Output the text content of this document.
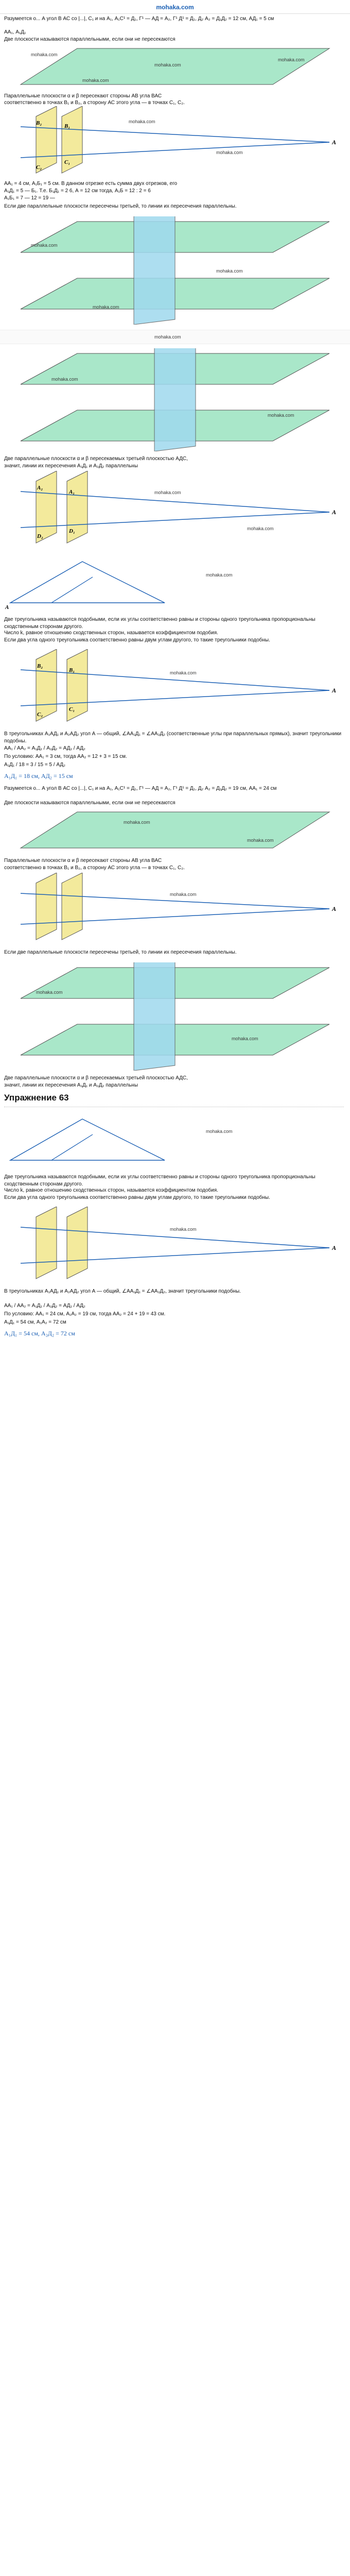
mohaka.com
Разумеется о... А угол В АС со |...|, С₁ и на А₁, А₁С¹ = Д₁, Г¹ — АД = А₂, Г¹ Д¹ = Д₁, Д₂ А₂ = Д₁Д₂ = 12 см, АД₁ = 5 см
АА₁, А₁Д₁
Две плоскости называются параллельными, если они не пересекаются
mohaka.com
mohaka.com
mohaka.com
mohaka.com
Параллельные плоскости α и β пересекают стороны АВ угла ВАС
соответственно в точках В₁ и В₂, а сторону АС этого угла — в точках С₁, С₂.
A
B₂	B₁
C₂
C₁
mohaka.com
mohaka.com
АА₁ = 4 см, А₁Б₁ = 5 см. В данном отрезке есть сумма двух отрезков, его
А₁Д₁ = 5 — Б₁. Т.е. Б₁Д₁ = 2 6, А = 12 см тогда, А₁Б = 12 : 2 = 6
А₁Б₁ = 7 — 12 = 19 —
Если две параллельные плоскости пересечены третьей, то линии их пересечения параллельны.
mohaka.com
mohaka.com
mohaka.com
mohaka.com
mohaka.com
mohaka.com
Две параллельные плоскости α и β пересекаемых третьей плоскостью АДС,
значит, линии их пересечения А₁Д₁ и А₂Д₂ параллельны
A
A₂
A₁
D₂
D₁
mohaka.com
mohaka.com
A
mohaka.com
Две треугольника называются подобными, если их углы соответственно равны и стороны одного треугольника пропорциональны сходственным сторонам другого.
Число k, равное отношению сходственных сторон, называется коэффициентом подобия.
Если два угла одного треугольника соответственно равны двум углам другого, то такие треугольники подобны.
A
B₂
B₁
C₂
C₁
mohaka.com
В треугольниках А₁АД₁ и А₂АД₂ угол А — общий, ∠АА₁Д₁ = ∠АА₂Д₂ (соответственные углы при параллельных прямых), значит треугольники подобны.
АА₁ / АА₂ = А₁Д₁ / А₂Д₂ = АД₁ / АД₂
По условию: АА₁ = 3 см, тогда АА₂ = 12 + 3 = 15 см.
А₁Д₁ / 18 = 3 / 15 = 5 / АД₂
А₁Д₁ = 18 см, АД₂ = 15 см
Разумеется о... А угол В АС со |...|, С₁ и на А₁, А₁С¹ = Д₁, Г¹ — АД = А₂, Г¹ Д¹ = Д₁, Д₂ А₂ = Д₁Д₂ = 19 см, АА₁ = 24 см
Две плоскости называются параллельными, если они не пересекаются
mohaka.com
mohaka.com
Параллельные плоскости α и β пересекают стороны АВ угла ВАС
соответственно в точках В₁ и В₂, а сторону АС этого угла — в точках С₁, С₂.
A
mohaka.com
Если две параллельные плоскости пересечены третьей, то линии их пересечения параллельны.
mohaka.com
mohaka.com
Две параллельные плоскости α и β пересекаемых третьей плоскостью АДС,
значит, линии их пересечения А₁Д₁ и А₂Д₂ параллельны
Упражнение 63
mohaka.com
Две треугольника называются подобными, если их углы соответственно равны и стороны одного треугольника пропорциональны сходственным сторонам другого.
Число k, равное отношению сходственных сторон, называется коэффициентом подобия.
Если два угла одного треугольника соответственно равны двум углам другого, то такие треугольники подобны.
A
mohaka.com
В треугольниках А₁АД₁ и А₂АД₂ угол А — общий, ∠АА₁Д₁ = ∠АА₂Д₂, значит треугольники подобны.
АА₁ / АА₂ = А₁Д₁ / А₂Д₂ = АД₁ / АД₂
По условию: АА₁ = 24 см, А₁А₂ = 19 см, тогда АА₂ = 24 + 19 = 43 см.
А₁Д₁ = 54 см, А₁А₂ = 72 см
А₁Д₁ = 54 см, А₂Д₂ = 72 см
